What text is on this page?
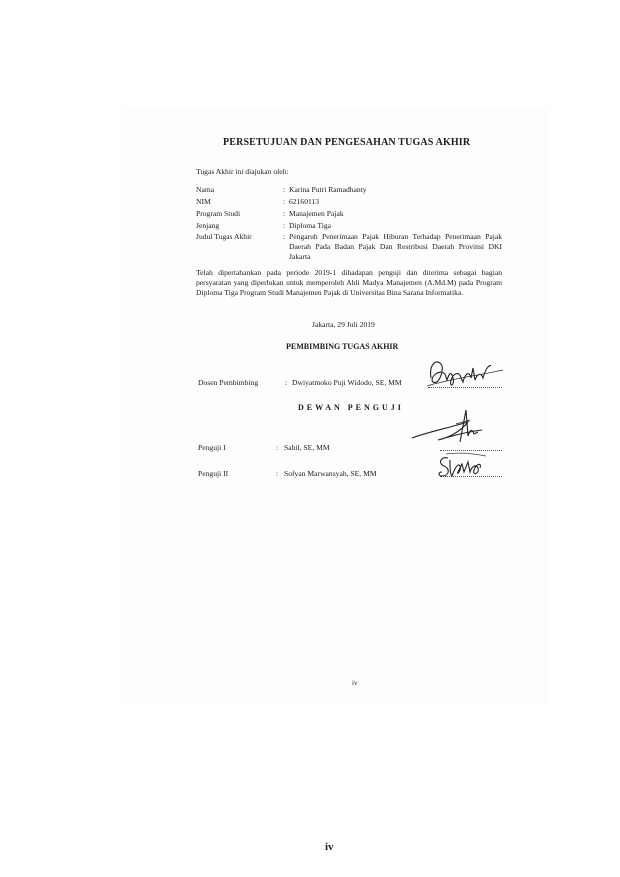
PERSETUJUAN DAN PENGESAHAN TUGAS AKHIR
Tugas Akhir ini diajukan oleh:
Nama	: Karina Putri Ramadhanty
NIM	: 62160113
Program Studi	: Manajemen Pajak
Jenjang	: Diploma Tiga
Judul Tugas Akhir	: Pengaruh Penerimaan Pajak Hiburan Terhadap Penerimaan Pajak Daerah Pada Badan Pajak Dan Restribusi Daerah Provinsi DKI Jakarta
Telah dipertahankan pada periode 2019-1 dihadapan penguji dan diterima sebagai bagian persyaratan yang diperlukan untuk memperoleh Ahli Madya Manajemen (A.Md.M) pada Program Diploma Tiga Program Studi Manajemen Pajak di Universitas Bina Sarana Informatika.
Jakarta, 29 Juli 2019
PEMBIMBING TUGAS AKHIR
Dosen Pembimbing	: Dwiyatmoko Puji Widodo, SE, MM
DEWAN PENGUJI
Penguji I	: Sabil, SE, MM
Penguji II	: Sofyan Marwansyah, SE, MM
iv
iv
